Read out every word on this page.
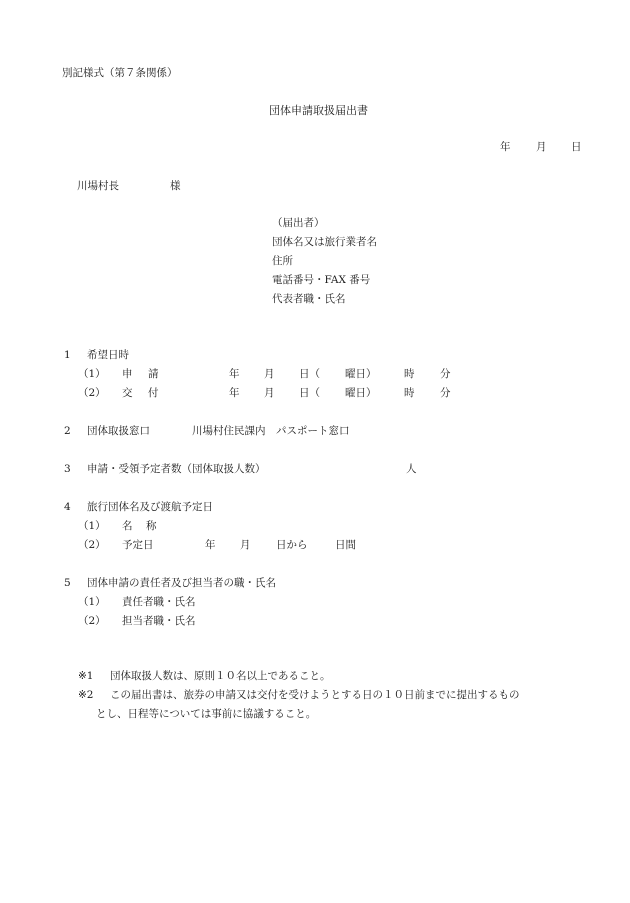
別記様式（第７条関係）
団体申請取扱届出書
年 月 日
川場村長	様
（届出者）
団体名又は旅行業者名
住所
電話番号・FAX 番号
代表者職・氏名
1 希望日時
（1） 申 請	年 月 日（ 曜日）	時 分
（2） 交 付	年 月 日（ 曜日）	時 分
2 団体取扱窓口	川場村住民課内　パスポート窓口
3 申請・受領予定者数（団体取扱人数）	人
4 旅行団体名及び渡航予定日
（1） 名 称
（2） 予定日	年 月 日から	日間
5 団体申請の責任者及び担当者の職・氏名
（1） 責任者職・氏名
（2） 担当者職・氏名
※1 団体取扱人数は、原則１０名以上であること。
※2 この届出書は、旅券の申請又は交付を受けようとする日の１０日前までに提出するもの
とし、日程等については事前に協議すること。
